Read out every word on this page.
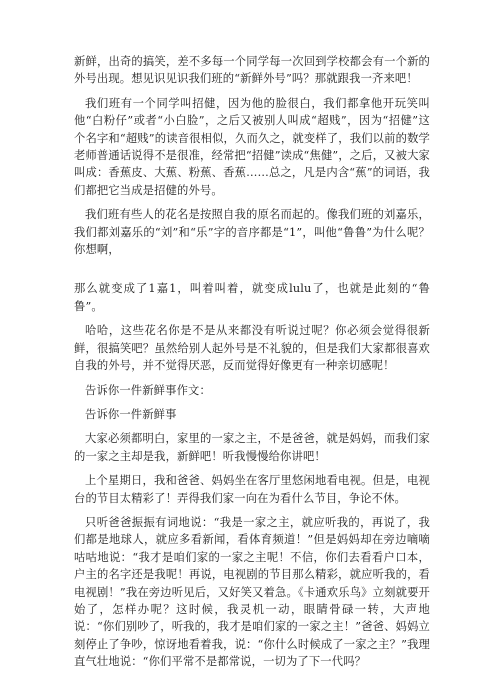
新鲜，出奇的搞笑，差不多每一个同学每一次回到学校都会有一个新的外号出现。想见识见识我们班的“新鲜外号”吗？那就跟我一齐来吧！

我们班有一个同学叫招健，因为他的脸很白，我们都拿他开玩笑叫他“白粉仔”或者“小白脸”，之后又被别人叫成“超贱”，因为“招健”这个名字和“超贱”的读音很相似，久而久之，就变样了，我们以前的数学老师普通话说得不是很准，经常把“招健”读成“焦健”，之后，又被大家叫成：香蕉皮、大蕉、粉蕉、香蕉……总之，凡是内含“蕉”的词语，我们都把它当成是招健的外号。

我们班有些人的花名是按照自我的原名而起的。像我们班的刘嘉乐，我们都刘嘉乐的“刘”和“乐”字的音序都是“1”，叫他“鲁鲁”为什么呢？你想啊，

那么就变成了1嘉1，叫着叫着，就变成lulu了，也就是此刻的“鲁鲁”。

哈哈，这些花名你是不是从来都没有听说过呢？你必须会觉得很新鲜，很搞笑吧？虽然给别人起外号是不礼貌的，但是我们大家都很喜欢自我的外号，并不觉得厌恶，反而觉得好像更有一种亲切感呢！

告诉你一件新鲜事作文：

告诉你一件新鲜事

大家必须都明白，家里的一家之主，不是爸爸，就是妈妈，而我们家的一家之主却是我，新鲜吧！听我慢慢给你讲吧！

上个星期日，我和爸爸、妈妈坐在客厅里悠闲地看电视。但是，电视台的节目太精彩了！弄得我们家一向在为看什么节目，争论不休。

只听爸爸振振有词地说：“我是一家之主，就应听我的，再说了，我们都是地球人，就应多看新闻，看体育频道！”但是妈妈却在旁边嘀嘀咕咕地说：“我才是咱们家的一家之主呢！不信，你们去看看户口本，户主的名字还是我呢！再说，电视剧的节目那么精彩，就应听我的，看电视剧！”我在旁边听见后，又好笑又着急。《卡通欢乐鸟》立刻就要开始了，怎样办呢？这时候，我灵机一动，眼睛骨碌一转，大声地说：“你们别吵了，听我的，我才是咱们家的一家之主！”爸爸、妈妈立刻停止了争吵，惊讶地看着我，说：“你什么时候成了一家之主？”我理直气壮地说：“你们平常不是都常说，一切为了下一代吗？
